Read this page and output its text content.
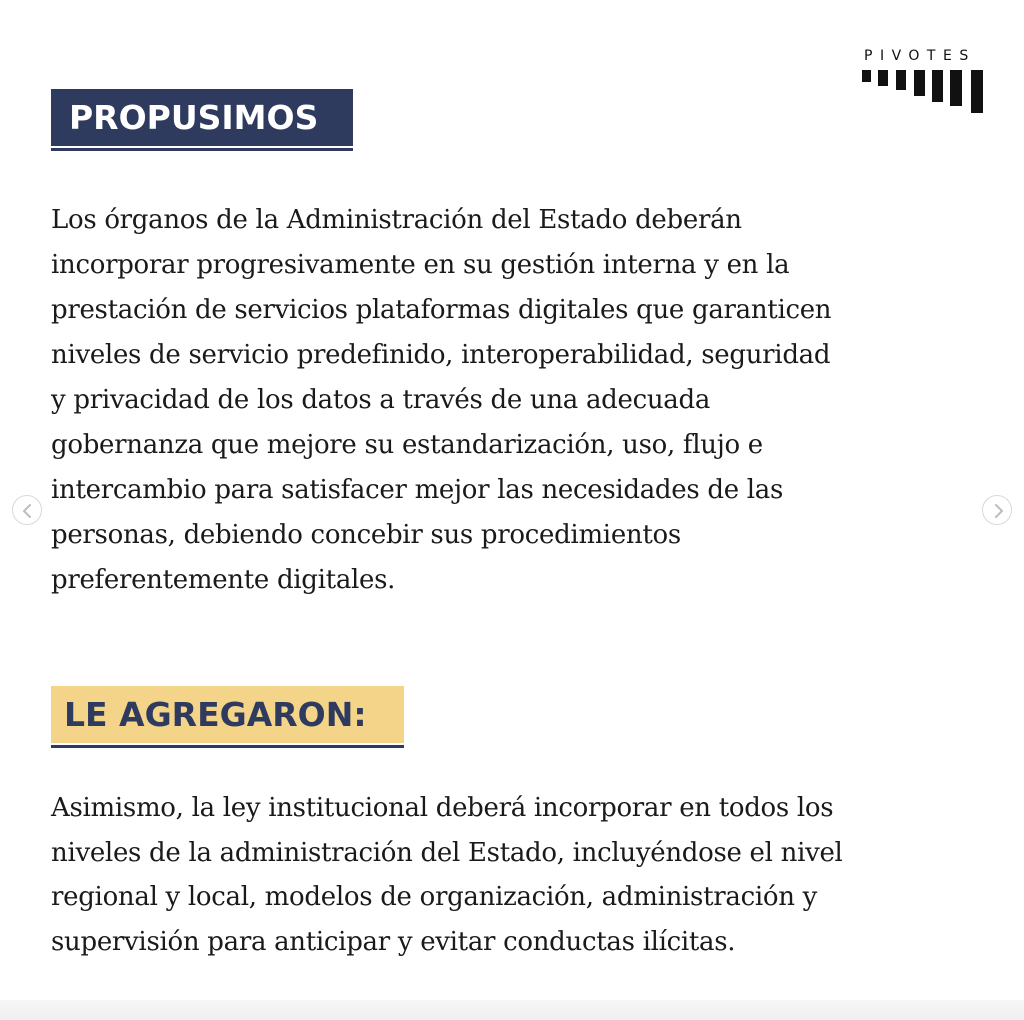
PIVOTES
PROPUSIMOS

Los órganos de la Administración del Estado deberán
incorporar progresivamente en su gestión interna y en la
prestación de servicios plataformas digitales que garanticen
niveles de servicio predefinido, interoperabilidad, seguridad
y privacidad de los datos a través de una adecuada
gobernanza que mejore su estandarización, uso, flujo e
intercambio para satisfacer mejor las necesidades de las
personas, debiendo concebir sus procedimientos
preferentemente digitales.

LE AGREGARON:

Asimismo, la ley institucional deberá incorporar en todos los
niveles de la administración del Estado, incluyéndose el nivel
regional y local, modelos de organización, administración y
supervisión para anticipar y evitar conductas ilícitas.
